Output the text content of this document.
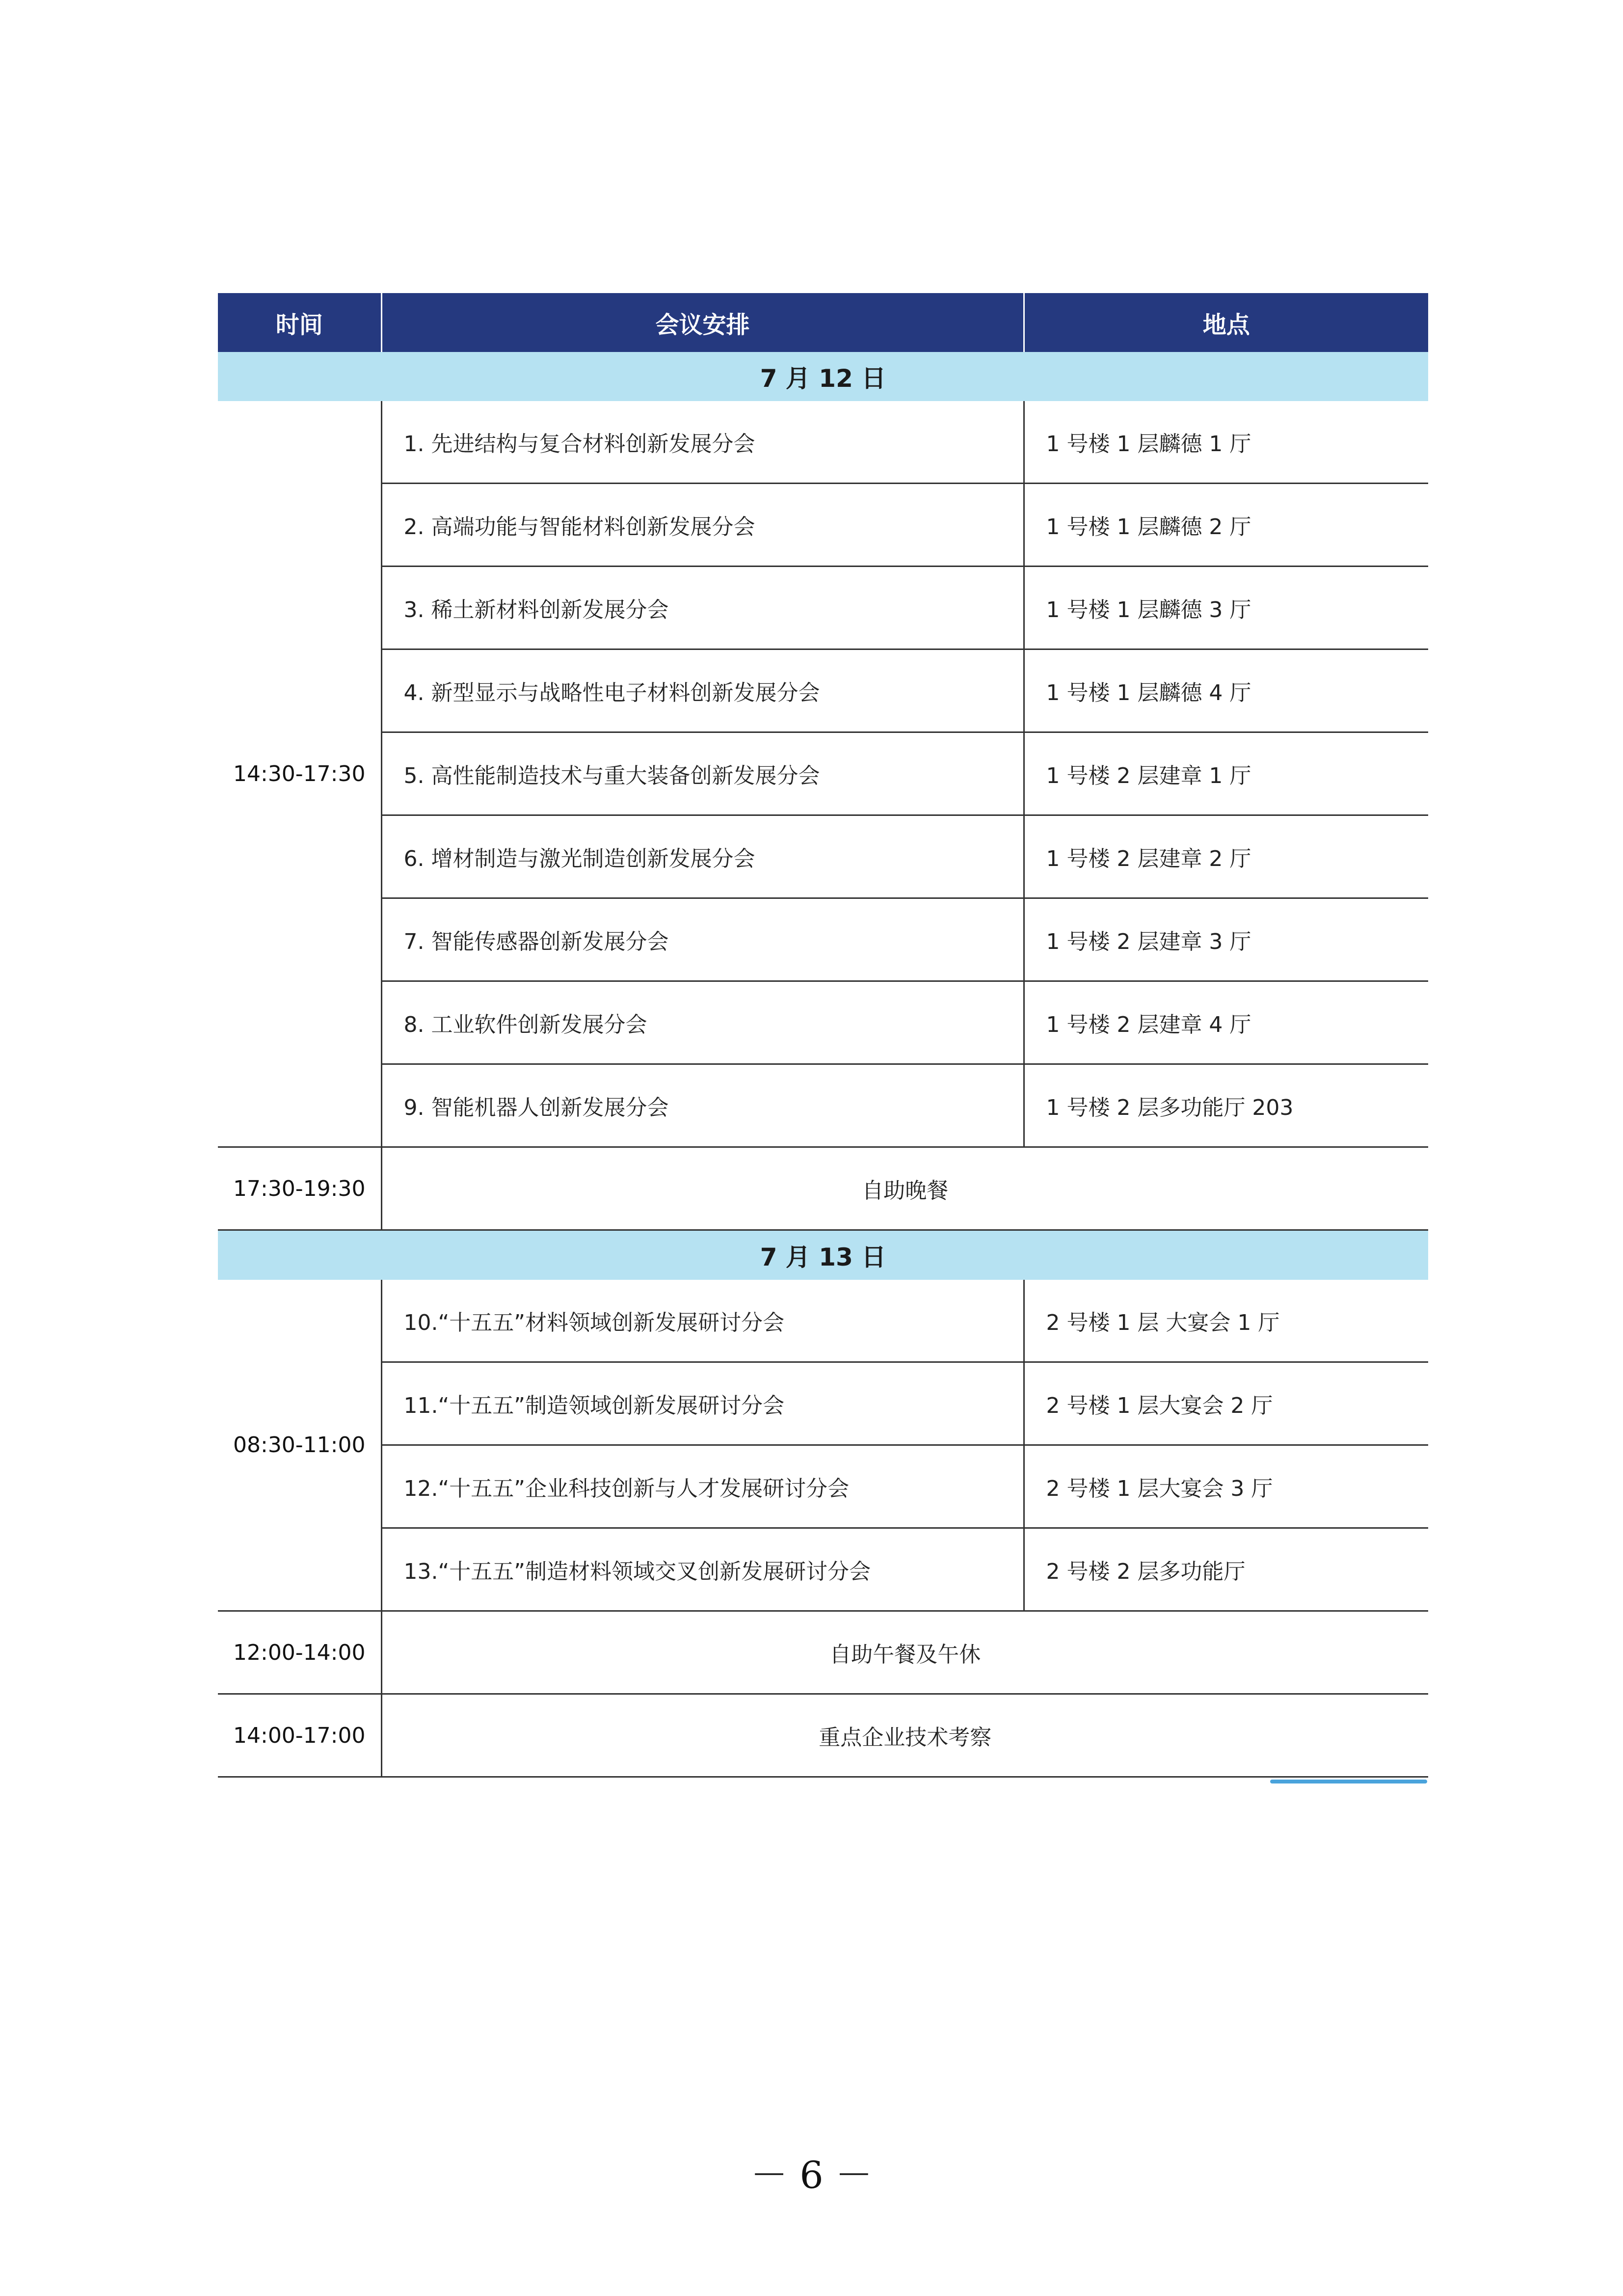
时间	会议安排	地点
7 月 12 日		
14:30-17:30	1. 先进结构与复合材料创新发展分会	1 号楼 1 层麟德 1 厅
	2. 高端功能与智能材料创新发展分会	1 号楼 1 层麟德 2 厅
	3. 稀土新材料创新发展分会	1 号楼 1 层麟德 3 厅
	4. 新型显示与战略性电子材料创新发展分会	1 号楼 1 层麟德 4 厅
	5. 高性能制造技术与重大装备创新发展分会	1 号楼 2 层建章 1 厅
	6. 增材制造与激光制造创新发展分会	1 号楼 2 层建章 2 厅
	7. 智能传感器创新发展分会	1 号楼 2 层建章 3 厅
	8. 工业软件创新发展分会	1 号楼 2 层建章 4 厅
	9. 智能机器人创新发展分会	1 号楼 2 层多功能厅 203
17:30-19:30	自助晚餐	
7 月 13 日		
08:30-11:00	10.“十五五”材料领域创新发展研讨分会	2 号楼 1 层 大宴会 1 厅
	11.“十五五”制造领域创新发展研讨分会	2 号楼 1 层大宴会 2 厅
	12.“十五五”企业科技创新与人才发展研讨分会	2 号楼 1 层大宴会 3 厅
	13.“十五五”制造材料领域交叉创新发展研讨分会	2 号楼 2 层多功能厅
12:00-14:00	自助午餐及午休	
14:00-17:00	重点企业技术考察	
－ 6 －
